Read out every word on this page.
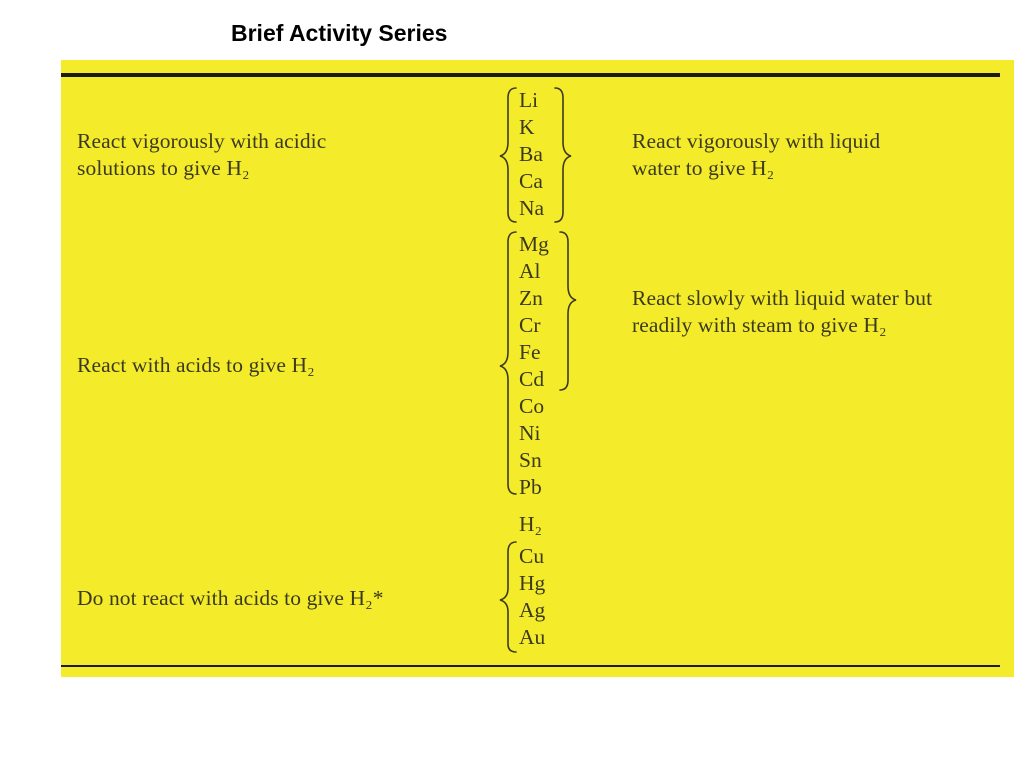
Brief Activity Series
React vigorously with acidic
solutions to give H₂
React with acids to give H₂
Do not react with acids to give H₂*
React vigorously with liquid
water to give H₂
React slowly with liquid water but
readily with steam to give H₂
Li
K
Ba
Ca
Na
Mg
Al
Zn
Cr
Fe
Cd
Co
Ni
Sn
Pb
H₂
Cu
Hg
Ag
Au
